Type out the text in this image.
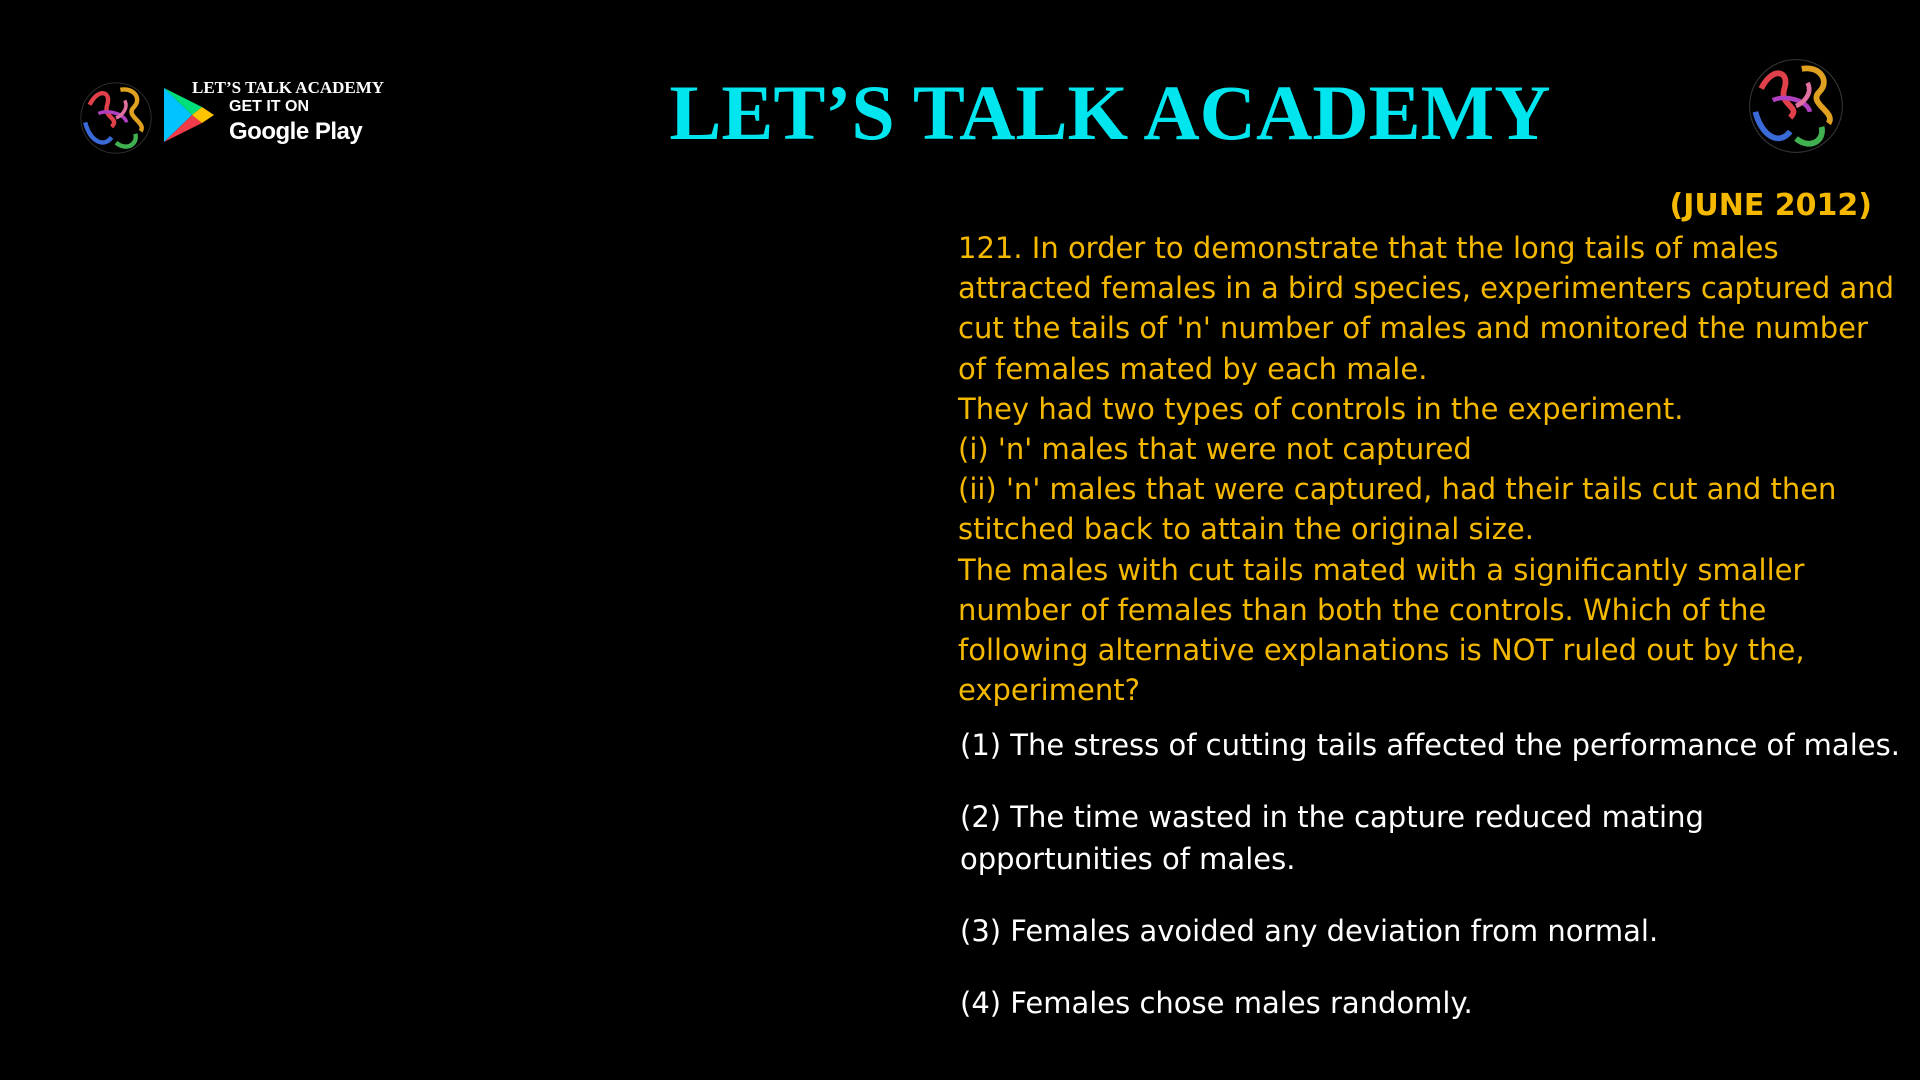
LET’S TALK ACADEMY
GET IT ON
Google Play	LET’S TALK ACADEMY
(JUNE 2012)

121. In order to demonstrate that the long tails of males attracted females in a bird species, experimenters captured and cut the tails of 'n' number of males and monitored the number of females mated by each male.

They had two types of controls in the experiment.

(i) 'n' males that were not captured

(ii) 'n' males that were captured, had their tails cut and then stitched back to attain the original size.

The males with cut tails mated with a significantly smaller number of females than both the controls. Which of the following alternative explanations is NOT ruled out by the, experiment?

(1) The stress of cutting tails affected the performance of males.
(2) The time wasted in the capture reduced mating opportunities of males.
(3) Females avoided any deviation from normal.
(4) Females chose males randomly.
